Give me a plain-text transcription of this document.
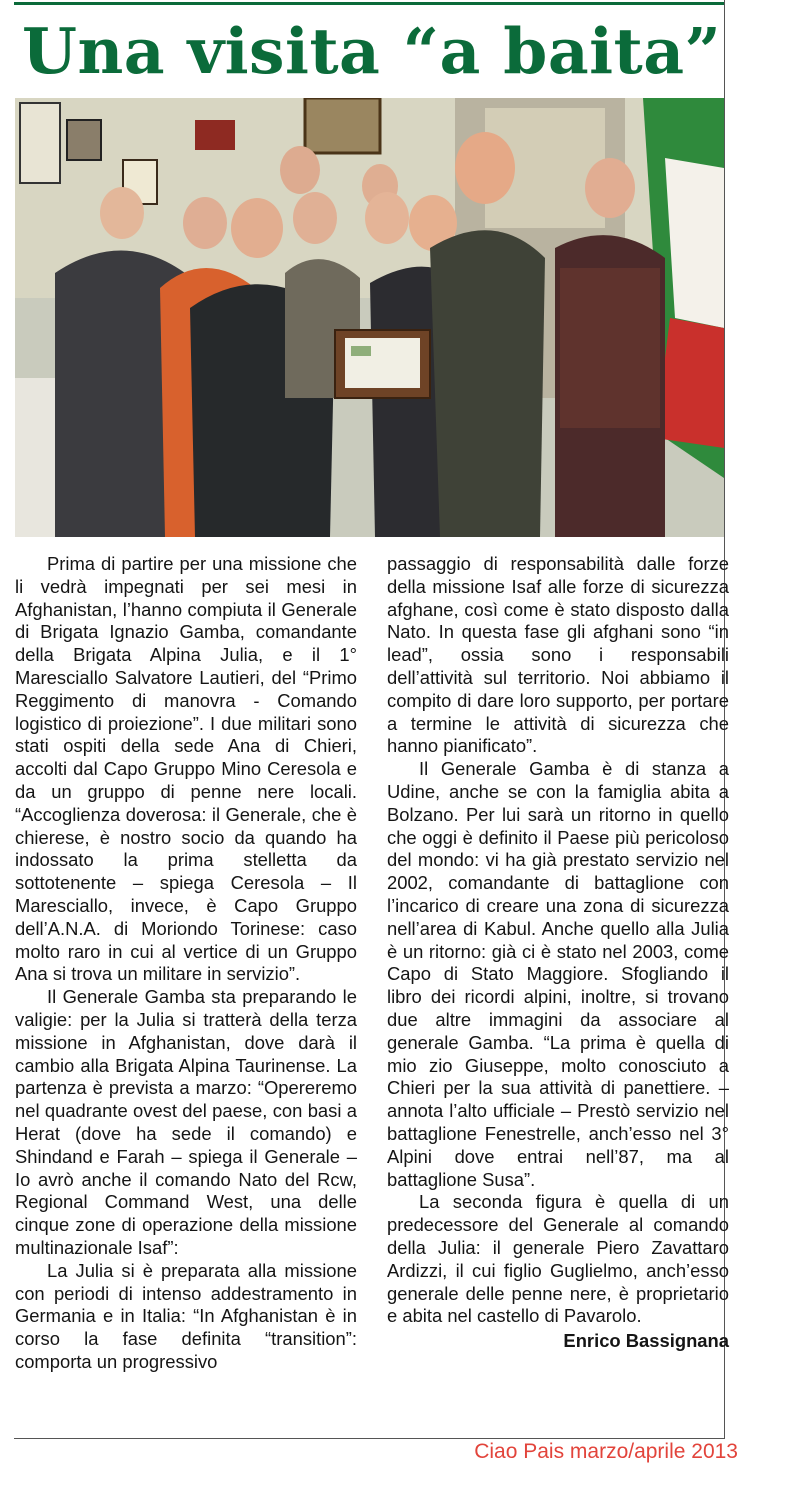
Una visita “a baita”

Prima di partire per una missione che li vedrà impegnati per sei mesi in Afghanistan, l’hanno compiuta il Generale di Brigata Ignazio Gamba, comandante della Brigata Alpina Julia, e il 1° Maresciallo Salvatore Lautieri, del “Primo Reggimento di manovra - Comando logistico di proiezione”. I due militari sono stati ospiti della sede Ana di Chieri, accolti dal Capo Gruppo Mino Ceresola e da un gruppo di penne nere locali. “Accoglienza doverosa: il Generale, che è chierese, è nostro socio da quando ha indossato la prima stelletta da sottotenente – spiega Ceresola – Il Maresciallo, invece, è Capo Gruppo dell’A.N.A. di Moriondo Torinese: caso molto raro in cui al vertice di un Gruppo Ana si trova un militare in servizio”.

Il Generale Gamba sta preparando le valigie: per la Julia si tratterà della terza missione in Afghanistan, dove darà il cambio alla Brigata Alpina Taurinense. La partenza è prevista a marzo: “Opereremo nel quadrante ovest del paese, con basi a Herat (dove ha sede il comando) e Shindand e Farah – spiega il Generale – Io avrò anche il comando Nato del Rcw, Regional Command West, una delle cinque zone di operazione della missione multinazionale Isaf”:

La Julia si è preparata alla missione con periodi di intenso addestramento in Germania e in Italia: “In Afghanistan è in corso la fase definita “transition”: comporta un progressivo

passaggio di responsabilità dalle forze della missione Isaf alle forze di sicurezza afghane, così come è stato disposto dalla Nato. In questa fase gli afghani sono “in lead”, ossia sono i responsabili dell’attività sul territorio. Noi abbiamo il compito di dare loro supporto, per portare a termine le attività di sicurezza che hanno pianificato”.

Il Generale Gamba è di stanza a Udine, anche se con la famiglia abita a Bolzano. Per lui sarà un ritorno in quello che oggi è definito il Paese più pericoloso del mondo: vi ha già prestato servizio nel 2002, comandante di battaglione con l’incarico di creare una zona di sicurezza nell’area di Kabul. Anche quello alla Julia è un ritorno: già ci è stato nel 2003, come Capo di Stato Maggiore. Sfogliando il libro dei ricordi alpini, inoltre, si trovano due altre immagini da associare al generale Gamba. “La prima è quella di mio zio Giuseppe, molto conosciuto a Chieri per la sua attività di panettiere. – annota l’alto ufficiale – Prestò servizio nel battaglione Fenestrelle, anch’esso nel 3° Alpini dove entrai nell’87, ma al battaglione Susa”.

La seconda figura è quella di un predecessore del Generale al comando della Julia: il generale Piero Zavattaro Ardizzi, il cui figlio Guglielmo, anch’esso generale delle penne nere, è proprietario e abita nel castello di Pavarolo.

Enrico Bassignana

Ciao Pais marzo/aprile 2013
